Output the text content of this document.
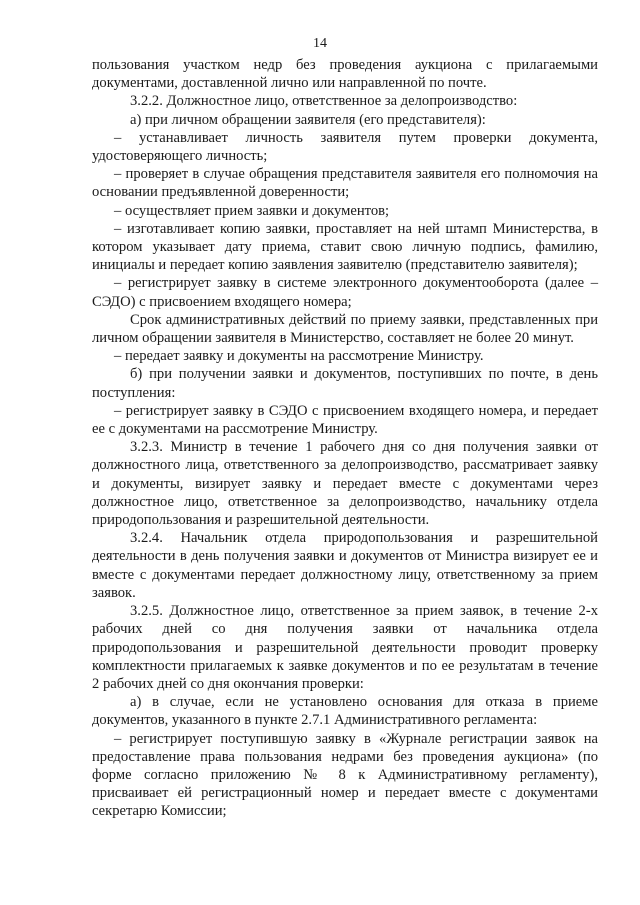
14

пользования участком недр без проведения аукциона с прилагаемыми документами, доставленной лично или направленной по почте.

3.2.2. Должностное лицо, ответственное за делопроизводство:

а) при личном обращении заявителя (его представителя):

– устанавливает личность заявителя путем проверки документа, удостоверяющего личность;

– проверяет в случае обращения представителя заявителя его полномочия на основании предъявленной доверенности;

– осуществляет прием заявки и документов;

– изготавливает копию заявки, проставляет на ней штамп Министерства, в котором указывает дату приема, ставит свою личную подпись, фамилию, инициалы и передает копию заявления заявителю (представителю заявителя);

– регистрирует заявку в системе электронного документооборота (далее – СЭДО) с присвоением входящего номера;

Срок административных действий по приему заявки, представленных при личном обращении заявителя в Министерство, составляет не более 20 минут.

– передает заявку и документы на рассмотрение Министру.

б) при получении заявки и документов, поступивших по почте, в день поступления:

– регистрирует заявку в СЭДО с присвоением входящего номера, и передает ее с документами на рассмотрение Министру.

3.2.3. Министр в течение 1 рабочего дня со дня получения заявки от должностного лица, ответственного за делопроизводство, рассматривает заявку и документы, визирует заявку и передает вместе с документами через должностное лицо, ответственное за делопроизводство, начальнику отдела природопользования и разрешительной деятельности.

3.2.4. Начальник отдела природопользования и разрешительной деятельности в день получения заявки и документов от Министра визирует ее и вместе с документами передает должностному лицу, ответственному за прием заявок.

3.2.5. Должностное лицо, ответственное за прием заявок, в течение 2-х рабочих дней со дня получения заявки от начальника отдела природопользования и разрешительной деятельности проводит проверку комплектности прилагаемых к заявке документов и по ее результатам в течение 2 рабочих дней со дня окончания проверки:

а) в случае, если не установлено основания для отказа в приеме документов, указанного в пункте 2.7.1 Административного регламента:

– регистрирует поступившую заявку в «Журнале регистрации заявок на предоставление права пользования недрами без проведения аукциона» (по форме согласно приложению № 8 к Административному регламенту), присваивает ей регистрационный номер и передает вместе с документами секретарю Комиссии;
